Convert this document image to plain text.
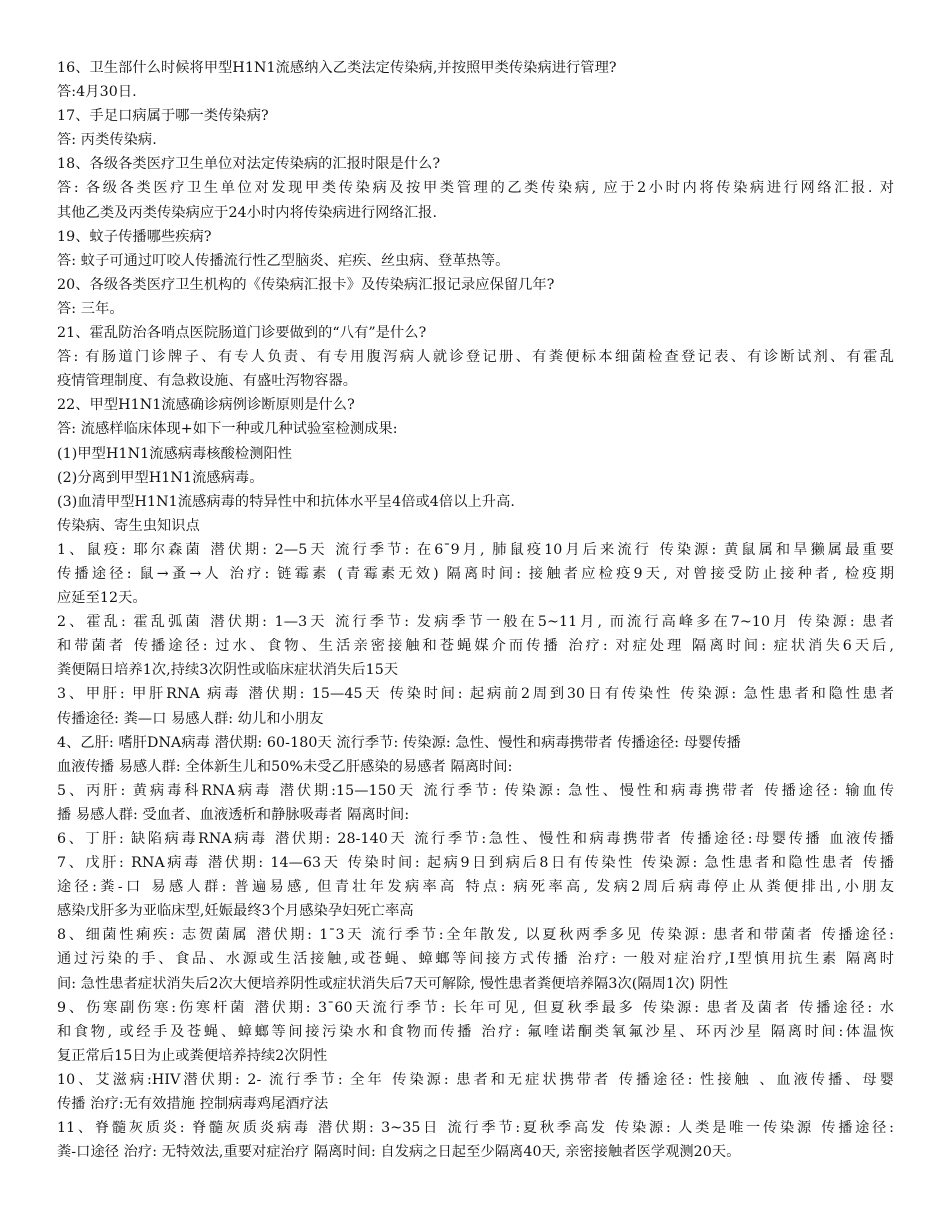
16、卫生部什么时候将甲型H1N1流感纳入乙类法定传染病,并按照甲类传染病进行管理?
答:4月30日.
17、手足口病属于哪一类传染病?
答: 丙类传染病.
18、各级各类医疗卫生单位对法定传染病的汇报时限是什么?
答: 各级各类医疗卫生单位对发现甲类传染病及按甲类管理的乙类传染病, 应于2小时内将传染病进行网络汇报. 对
其他乙类及丙类传染病应于24小时内将传染病进行网络汇报.
19、蚊子传播哪些疾病?
答: 蚊子可通过叮咬人传播流行性乙型脑炎、疟疾、丝虫病、登革热等。
20、各级各类医疗卫生机构的《传染病汇报卡》及传染病汇报记录应保留几年?
答: 三年。
21、霍乱防治各哨点医院肠道门诊要做到的“八有”是什么?
答: 有肠道门诊牌子、有专人负责、有专用腹泻病人就诊登记册、有粪便标本细菌检查登记表、有诊断试剂、有霍乱
疫情管理制度、有急救设施、有盛吐泻物容器。
22、甲型H1N1流感确诊病例诊断原则是什么?
答: 流感样临床体现+如下一种或几种试验室检测成果:
(1)甲型H1N1流感病毒核酸检测阳性
(2)分离到甲型H1N1流感病毒。
(3)血清甲型H1N1流感病毒的特异性中和抗体水平呈4倍或4倍以上升高.
传染病、寄生虫知识点
1、鼠疫: 耶尔森菌 潜伏期: 2—5天 流行季节: 在6¯9月, 肺鼠疫10月后来流行 传染源: 黄鼠属和旱獭属最重要
传播途径: 鼠→蚤→人 治疗: 链霉素 (青霉素无效) 隔离时间: 接触者应检疫9天, 对曾接受防止接种者, 检疫期
应延至12天。
2、霍乱: 霍乱弧菌 潜伏期: 1—3天 流行季节: 发病季节一般在5~11月, 而流行高峰多在7~10月 传染源: 患者
和带菌者 传播途径: 过水、食物、生活亲密接触和苍蝇媒介而传播 治疗: 对症处理 隔离时间: 症状消失6天后,
粪便隔日培养1次,持续3次阴性或临床症状消失后15天
3、甲肝: 甲肝RNA 病毒 潜伏期: 15—45天 传染时间: 起病前2周到30日有传染性 传染源: 急性患者和隐性患者
传播途径: 粪—口 易感人群: 幼儿和小朋友
4、乙肝: 嗜肝DNA病毒 潜伏期: 60-180天 流行季节: 传染源: 急性、慢性和病毒携带者 传播途径: 母婴传播
血液传播 易感人群: 全体新生儿和50%未受乙肝感染的易感者 隔离时间:
5、丙肝: 黄病毒科RNA病毒 潜伏期:15—150天 流行季节: 传染源: 急性、慢性和病毒携带者 传播途径: 输血传
播 易感人群: 受血者、血液透析和静脉吸毒者 隔离时间:
6、丁肝: 缺陷病毒RNA病毒 潜伏期: 28-140天 流行季节:急性、慢性和病毒携带者 传播途径:母婴传播 血液传播
7、戊肝: RNA病毒 潜伏期: 14—63天 传染时间: 起病9日到病后8日有传染性 传染源: 急性患者和隐性患者 传播
途径:粪-口 易感人群: 普遍易感, 但青壮年发病率高 特点: 病死率高, 发病2周后病毒停止从粪便排出,小朋友
感染戊肝多为亚临床型,妊娠最终3个月感染孕妇死亡率高
8、细菌性痢疾: 志贺菌属 潜伏期: 1¯3天 流行季节:全年散发, 以夏秋两季多见 传染源: 患者和带菌者 传播途径:
通过污染的手、食品、水源或生活接触,或苍蝇、蟑螂等间接方式传播 治疗: 一般对症治疗,I型慎用抗生素 隔离时
间: 急性患者症状消失后2次大便培养阴性或症状消失后7天可解除, 慢性患者粪便培养隔3次(隔周1次) 阴性
9、伤寒副伤寒:伤寒杆菌 潜伏期: 3¯60天流行季节: 长年可见, 但夏秋季最多 传染源: 患者及菌者 传播途径: 水
和食物, 或经手及苍蝇、蟑螂等间接污染水和食物而传播 治疗: 氟喹诺酮类氧氟沙星、环丙沙星 隔离时间:体温恢
复正常后15日为止或粪便培养持续2次阴性
10、艾滋病:HIV潜伏期: 2- 流行季节: 全年 传染源: 患者和无症状携带者 传播途径: 性接触 、血液传播、母婴
传播 治疗:无有效措施 控制病毒鸡尾酒疗法
11、脊髓灰质炎: 脊髓灰质炎病毒 潜伏期: 3~35日 流行季节:夏秋季高发 传染源: 人类是唯一传染源 传播途径:
粪-口途径 治疗: 无特效法,重要对症治疗 隔离时间: 自发病之日起至少隔离40天, 亲密接触者医学观测20天。
